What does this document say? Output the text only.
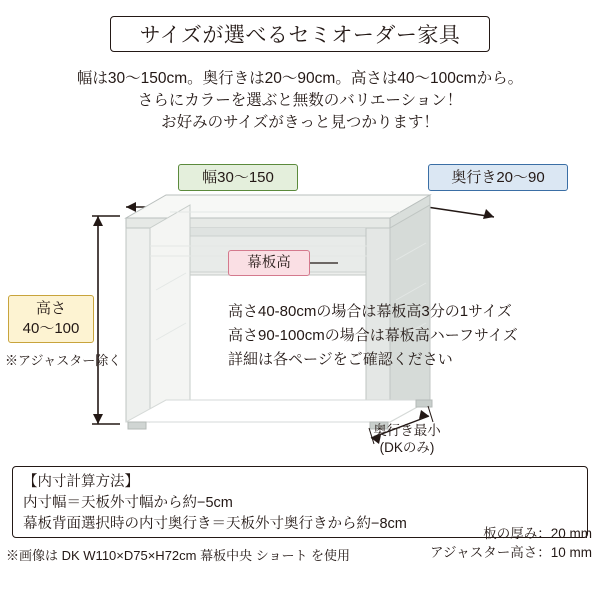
サイズが選べるセミオーダー家具
幅は30〜150cm。奥行きは20〜90cm。高さは40〜100cmから。
さらにカラーを選ぶと無数のバリエーション！
お好みのサイズがきっと見つかります！
幅30〜150	奥行き20〜90
高さ
40〜100
幕板高
※アジャスター除く
奥行き最小
(DKのみ)
高さ40-80cmの場合は幕板高3分の1サイズ
高さ90-100cmの場合は幕板高ハーフサイズ
詳細は各ページをご確認ください
【内寸計算方法】
内寸幅＝天板外寸幅から約−5cm
幕板背面選択時の内寸奥行き＝天板外寸奥行きから約−8cm
※画像は DK W110×D75×H72cm 幕板中央 ショート を使用
板の厚み：20 mm
アジャスター高さ：10 mm
